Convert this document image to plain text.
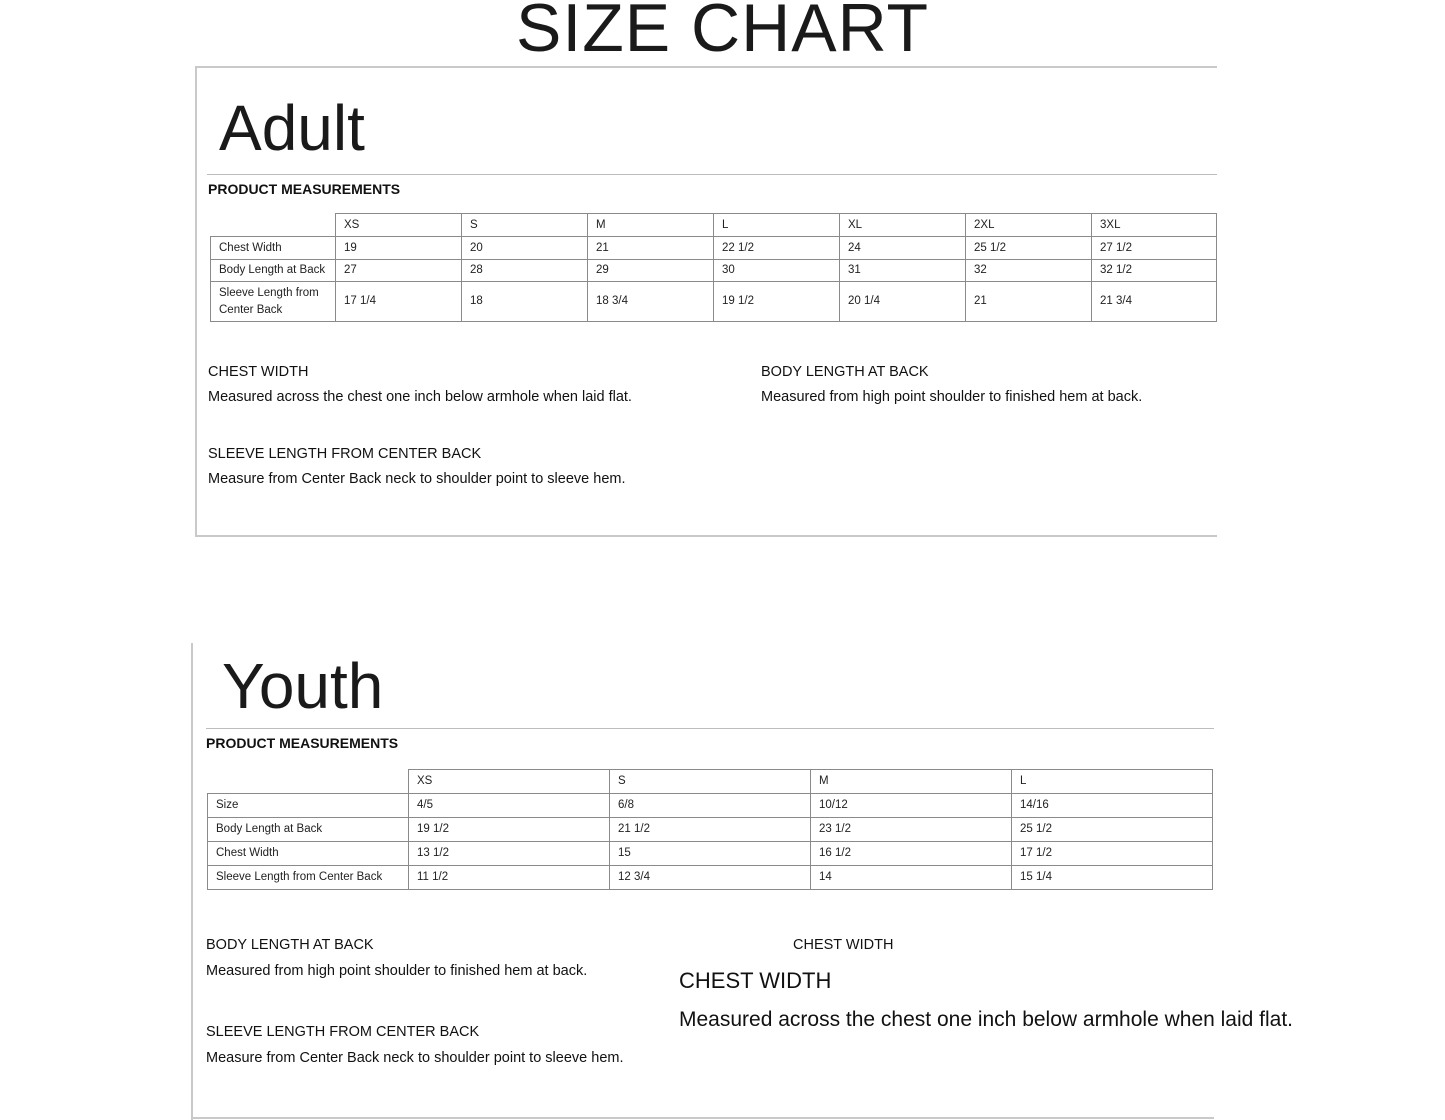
SIZE CHART
Adult
PRODUCT MEASUREMENTS
	XS	S	M	L	XL	2XL	3XL
Chest Width	19	20	21	22 1/2	24	25 1/2	27 1/2
Body Length at Back	27	28	29	30	31	32	32 1/2

Sleeve Length from
Center Back	17 1/4	18	18 3/4	19 1/2	20 1/4	21	21 3/4
CHEST WIDTH
Measured across the chest one inch below armhole when laid flat.
BODY LENGTH AT BACK
Measured from high point shoulder to finished hem at back.
SLEEVE LENGTH FROM CENTER BACK
Measure from Center Back neck to shoulder point to sleeve hem.
Youth
PRODUCT MEASUREMENTS
	XS	S	M	L
Size	4/5	6/8	10/12	14/16
Body Length at Back	19 1/2	21 1/2	23 1/2	25 1/2
Chest Width	13 1/2	15	16 1/2	17 1/2
Sleeve Length from Center Back	11 1/2	12 3/4	14	15 1/4
BODY LENGTH AT BACK
Measured from high point shoulder to finished hem at back.
SLEEVE LENGTH FROM CENTER BACK
Measure from Center Back neck to shoulder point to sleeve hem.
CHEST WIDTH
CHEST WIDTH
Measured across the chest one inch below armhole when laid flat.
